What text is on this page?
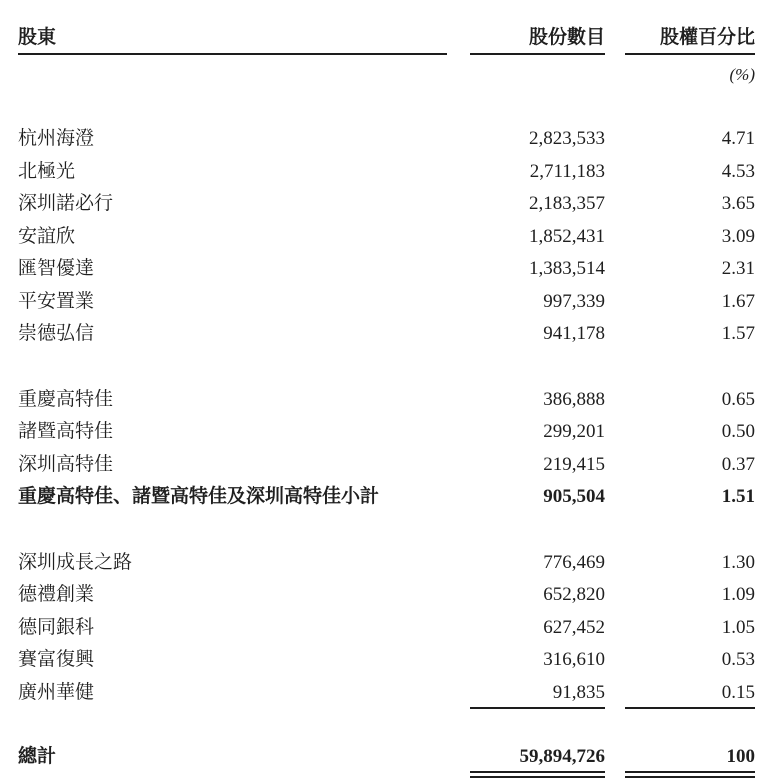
股東	股份數目	股權百分比
(%)
杭州海澄	2,823,533	4.71
北極光	2,711,183	4.53
深圳諾必行	2,183,357	3.65
安誼欣	1,852,431	3.09
匯智優達	1,383,514	2.31
平安置業	997,339	1.67
崇德弘信	941,178	1.57
重慶高特佳	386,888	0.65
諸暨高特佳	299,201	0.50
深圳高特佳	219,415	0.37
重慶高特佳、諸暨高特佳及深圳高特佳小計	905,504	1.51
深圳成長之路	776,469	1.30
德禮創業	652,820	1.09
德同銀科	627,452	1.05
賽富復興	316,610	0.53
廣州華健	91,835	0.15
總計	59,894,726	100
